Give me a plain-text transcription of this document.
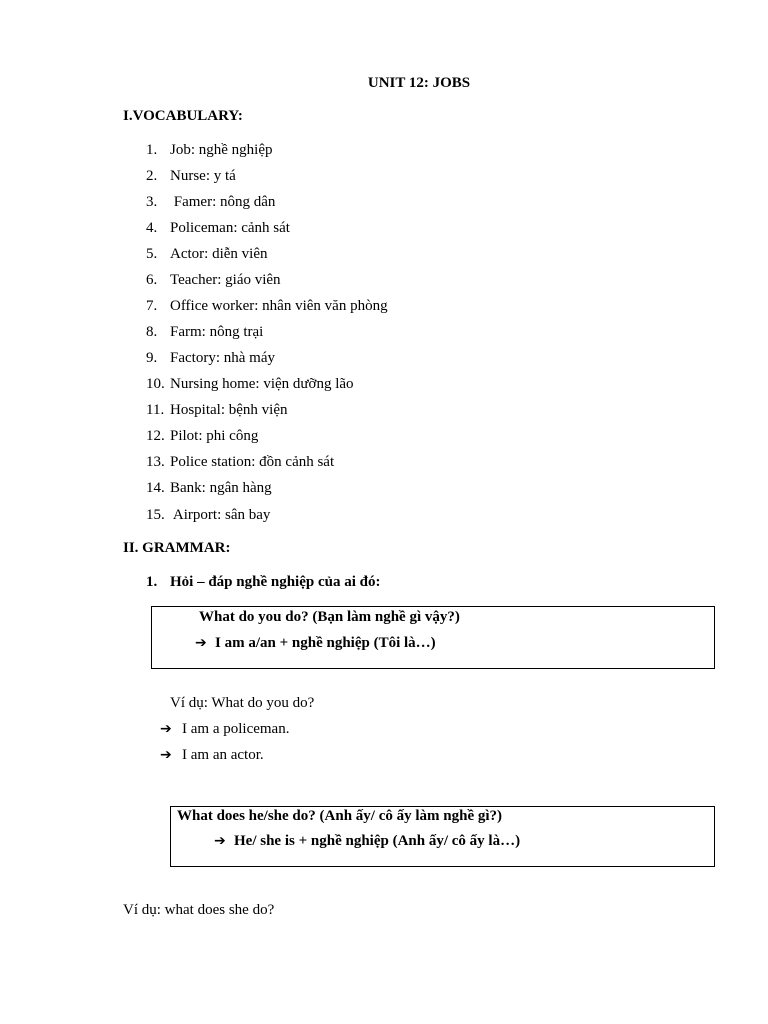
UNIT 12: JOBS
I.VOCABULARY:
1. Job: nghề nghiệp
2. Nurse: y tá
3. Famer: nông dân
4. Policeman: cảnh sát
5. Actor: diễn viên
6. Teacher: giáo viên
7. Office worker: nhân viên văn phòng
8. Farm: nông trại
9. Factory: nhà máy
10. Nursing home: viện dưỡng lão
11. Hospital: bệnh viện
12. Pilot: phi công
13. Police station: đồn cảnh sát
14. Bank: ngân hàng
15. Airport: sân bay
II. GRAMMAR:
1. Hỏi – đáp nghề nghiệp của ai đó:
What do you do? (Bạn làm nghề gì vậy?)
➔ I am a/an + nghề nghiệp (Tôi là…)
Ví dụ: What do you do?
➔ I am a policeman.
➔ I am an actor.
What does he/she do? (Anh ấy/ cô ấy làm nghề gì?)
➔ He/ she is + nghề nghiệp (Anh ấy/ cô ấy là…)
Ví dụ: what does she do?
